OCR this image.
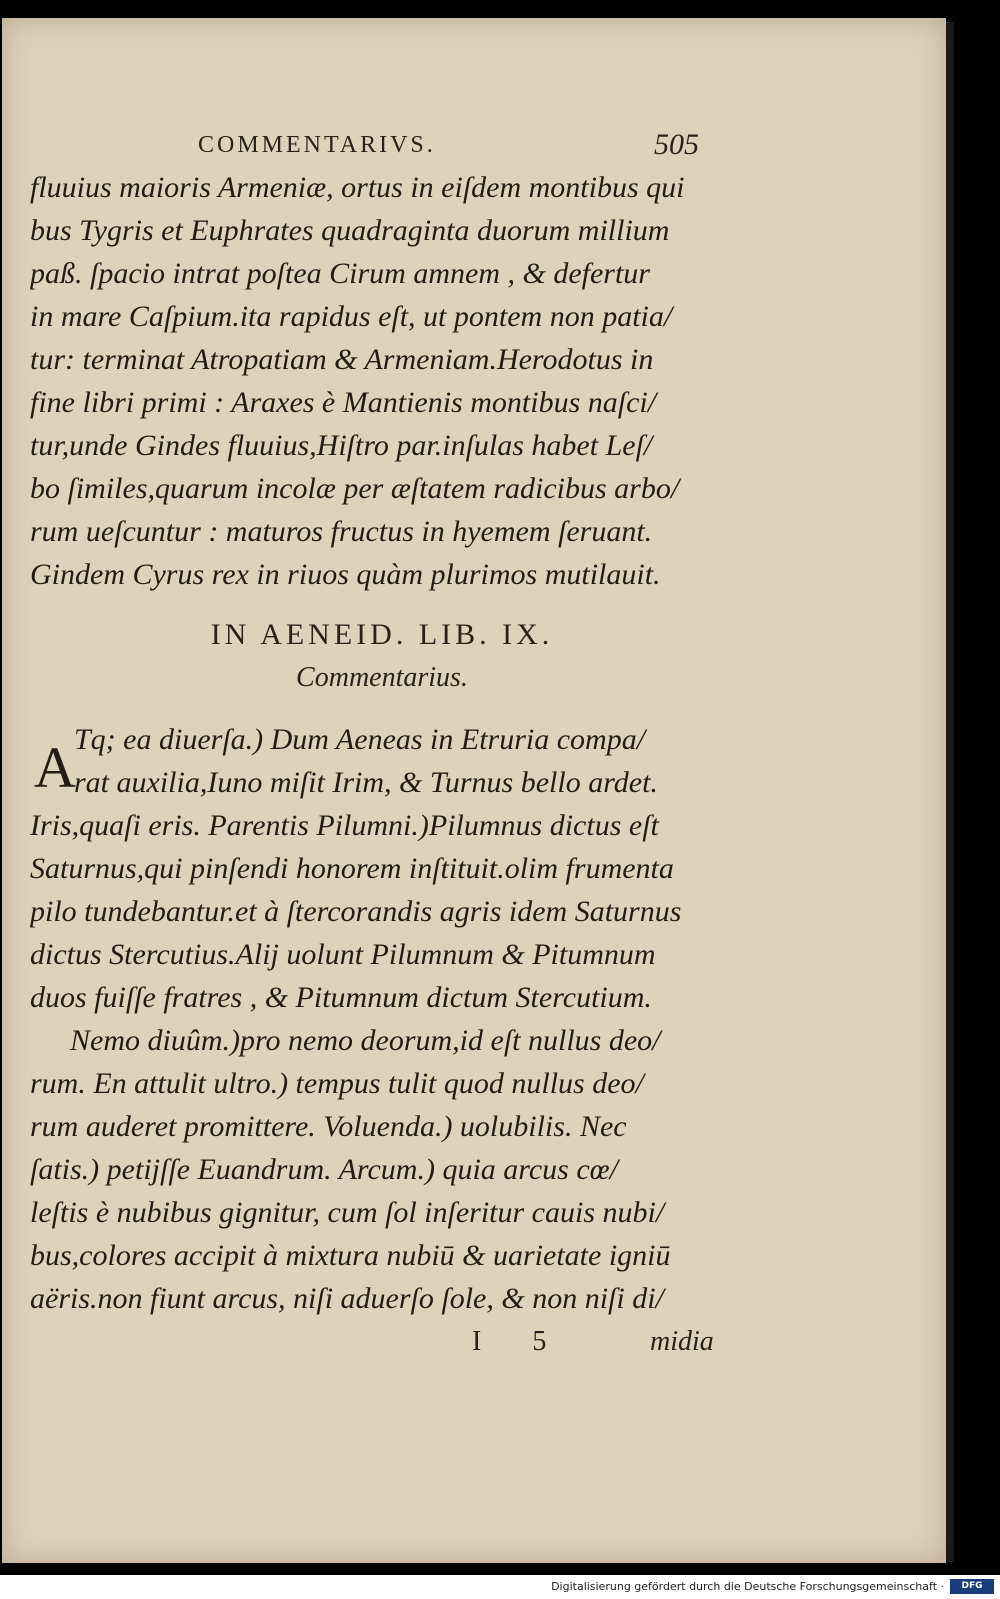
COMMENTARIVS.	505
fluuius maioris Armeniæ, ortus in eiſdem montibus qui
bus Tygris et Euphrates quadraginta duorum millium
paß. ſpacio intrat poſtea Cirum amnem , & defertur
in mare Caſpium.ita rapidus eſt, ut pontem non patia/
tur: terminat Atropatiam & Armeniam.Herodotus in
fine libri primi : Araxes è Mantienis montibus naſci/
tur,unde Gindes fluuius,Hiſtro par.inſulas habet Leſ/
bo ſimiles,quarum incolæ per æſtatem radicibus arbo/
rum ueſcuntur : maturos fructus in hyemem ſeruant.
Gindem Cyrus rex in riuos quàm plurimos mutilauit.
IN AENEID. LIB. IX.
Commentarius.
A
Tq; ea diuerſa.) Dum Aeneas in Etruria compa/
rat auxilia,Iuno miſit Irim, & Turnus bello ardet.
Iris,quaſi eris. Parentis Pilumni.)Pilumnus dictus eſt
Saturnus,qui pinſendi honorem inſtituit.olim frumenta
pilo tundebantur.et à ſtercorandis agris idem Saturnus
dictus Stercutius.Alij uolunt Pilumnum & Pitumnum
duos fuiſſe fratres , & Pitumnum dictum Stercutium.
Nemo diuûm.)pro nemo deorum,id eſt nullus deo/
rum. En attulit ultro.) tempus tulit quod nullus deo/
rum auderet promittere. Voluenda.) uolubilis. Nec
ſatis.) petijſſe Euandrum. Arcum.) quia arcus cœ/
leſtis è nubibus gignitur, cum ſol inſeritur cauis nubi/
bus,colores accipit à mixtura nubiū & uarietate igniū
aëris.non fiunt arcus, niſi aduerſo ſole, & non niſi di/
I 5	midia
Digitalisierung gefördert durch die Deutsche Forschungsgemeinschaft ·	DFG
